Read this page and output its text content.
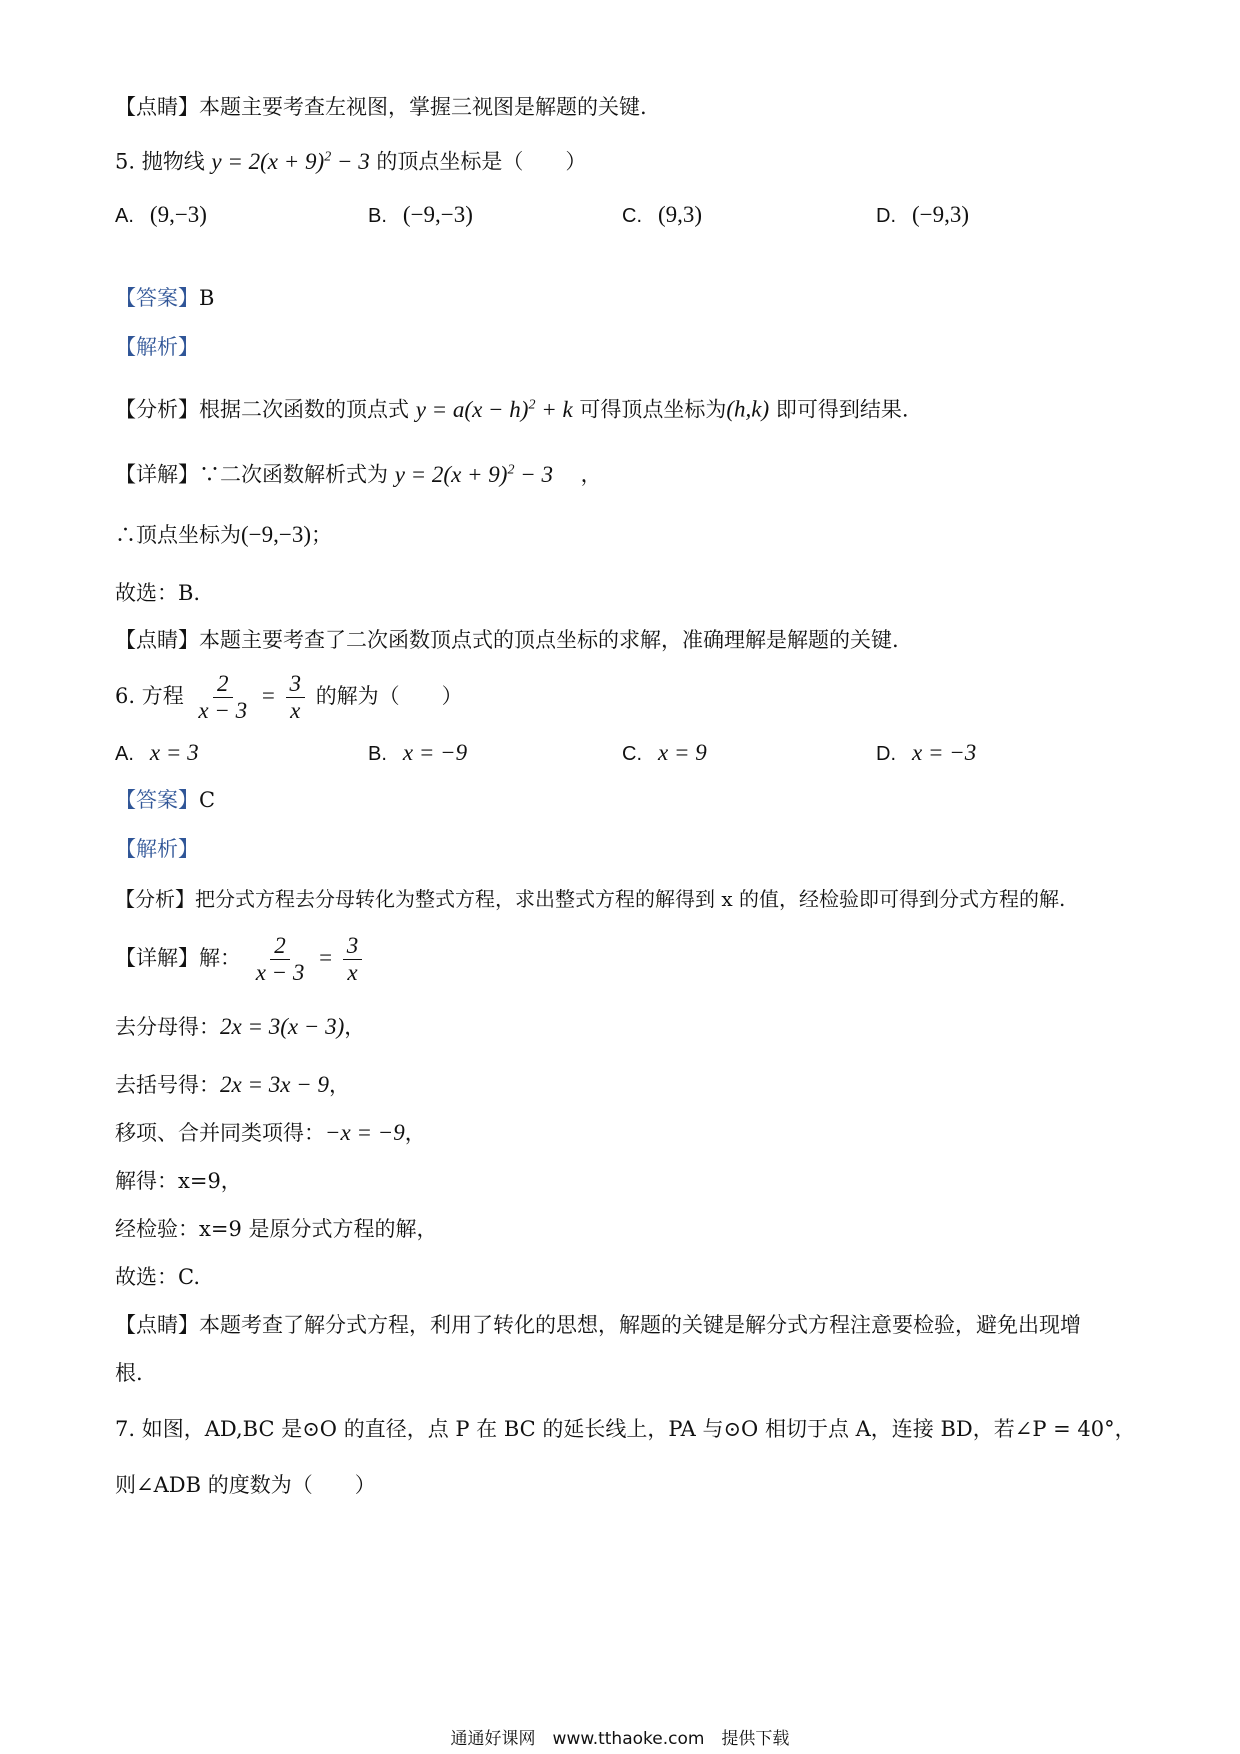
【点睛】本题主要考查左视图，掌握三视图是解题的关键.
5. 抛物线 $y = 2(x + 9)^2 - 3$ 的顶点坐标是（　　）
A. (9,−3)	B. (−9,−3)	C. (9,3)	D. (−9,3)
【答案】B
【解析】
【分析】根据二次函数的顶点式 $y = a(x - h)^2 + k$ 可得顶点坐标为(h,k) 即可得到结果.
【详解】∵二次函数解析式为 $y = 2(x + 9)^2 - 3$ 　，
∴顶点坐标为(−9,−3)；
故选：B.
【点睛】本题主要考查了二次函数顶点式的顶点坐标的求解，准确理解是解题的关键.
6. 方程 $\frac{2}{x - 3} = \frac{3}{x}$ 的解为（　　）
A. x = 3	B. x = −9	C. x = 9	D. x = −3
【答案】C
【解析】
【分析】把分式方程去分母转化为整式方程，求出整式方程的解得到 x 的值，经检验即可得到分式方程的解.
【详解】解： $\frac{2}{x - 3} = \frac{3}{x}$
去分母得：2x = 3(x − 3)，
去括号得：2x = 3x − 9，
移项、合并同类项得：−x = −9，
解得：x=9，
经检验：x=9 是原分式方程的解，
故选：C.
【点睛】本题考查了解分式方程，利用了转化的思想，解题的关键是解分式方程注意要检验，避免出现增
根.
7. 如图，AD,BC 是⊙O 的直径，点 P 在 BC 的延长线上，PA 与⊙O 相切于点 A，连接 BD，若∠P = 40°，
则∠ADB 的度数为（　　）
通通好课网　www.tthaoke.com　提供下载
